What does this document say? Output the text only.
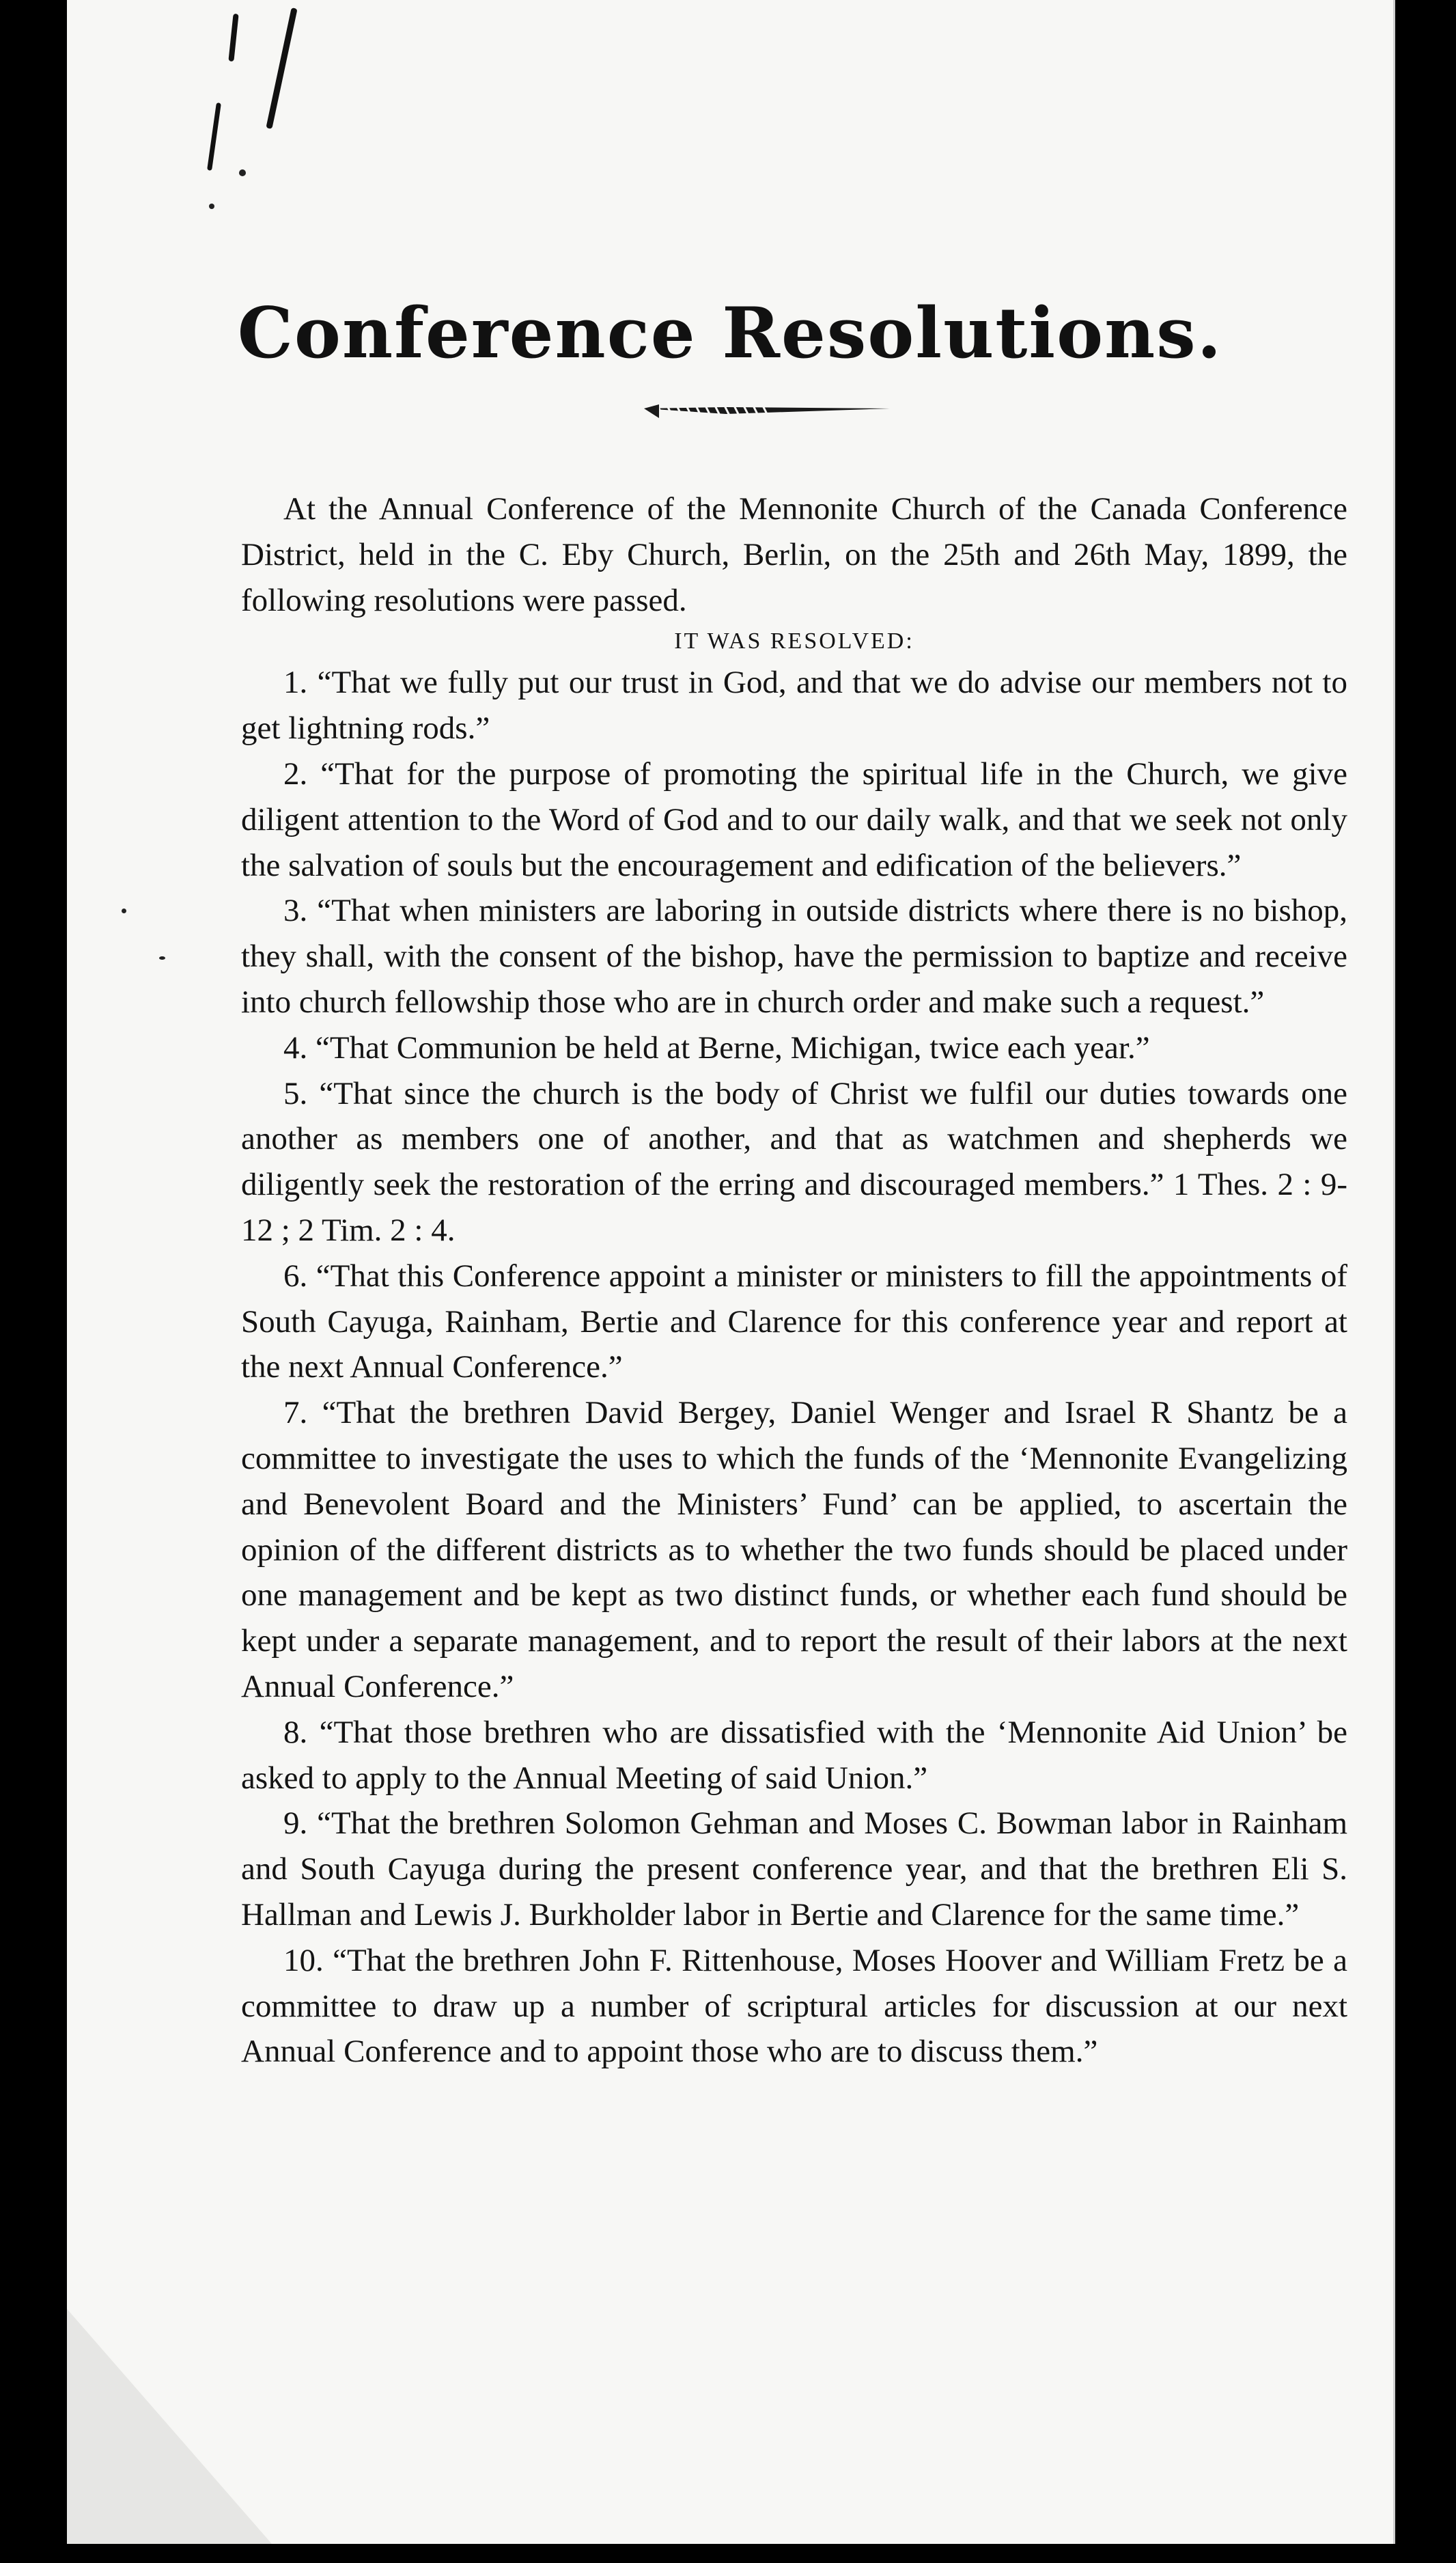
Conference Resolutions.

At the Annual Conference of the Mennonite Church of the Canada Conference District, held in the C. Eby Church, Berlin, on the 25th and 26th May, 1899, the following resolutions were passed.

IT WAS RESOLVED:

1. “That we fully put our trust in God, and that we do advise our members not to get lightning rods.”

2. “That for the purpose of promoting the spiritual life in the Church, we give diligent attention to the Word of God and to our daily walk, and that we seek not only the salvation of souls but the encouragement and edification of the believers.”

3. “That when ministers are laboring in outside districts where there is no bishop, they shall, with the consent of the bishop, have the permission to baptize and receive into church fellowship those who are in church order and make such a request.”

4. “That Communion be held at Berne, Michigan, twice each year.”

5. “That since the church is the body of Christ we fulfil our duties towards one another as members one of another, and that as watchmen and shepherds we diligently seek the restoration of the erring and discouraged members.” 1 Thes. 2 : 9-12 ; 2 Tim. 2 : 4.

6. “That this Conference appoint a minister or ministers to fill the appointments of South Cayuga, Rainham, Bertie and Clarence for this conference year and report at the next Annual Conference.”

7. “That the brethren David Bergey, Daniel Wenger and Israel R Shantz be a committee to investigate the uses to which the funds of the ‘Mennonite Evangelizing and Benevolent Board and the Ministers’ Fund’ can be applied, to ascertain the opinion of the different districts as to whether the two funds should be placed under one management and be kept as two distinct funds, or whether each fund should be kept under a separate management, and to report the result of their labors at the next Annual Conference.”

8. “That those brethren who are dissatisfied with the ‘Mennonite Aid Union’ be asked to apply to the Annual Meeting of said Union.”

9. “That the brethren Solomon Gehman and Moses C. Bowman labor in Rainham and South Cayuga during the present conference year, and that the brethren Eli S. Hallman and Lewis J. Burkholder labor in Bertie and Clarence for the same time.”

10. “That the brethren John F. Rittenhouse, Moses Hoover and William Fretz be a committee to draw up a number of scriptural articles for discussion at our next Annual Conference and to appoint those who are to discuss them.”
